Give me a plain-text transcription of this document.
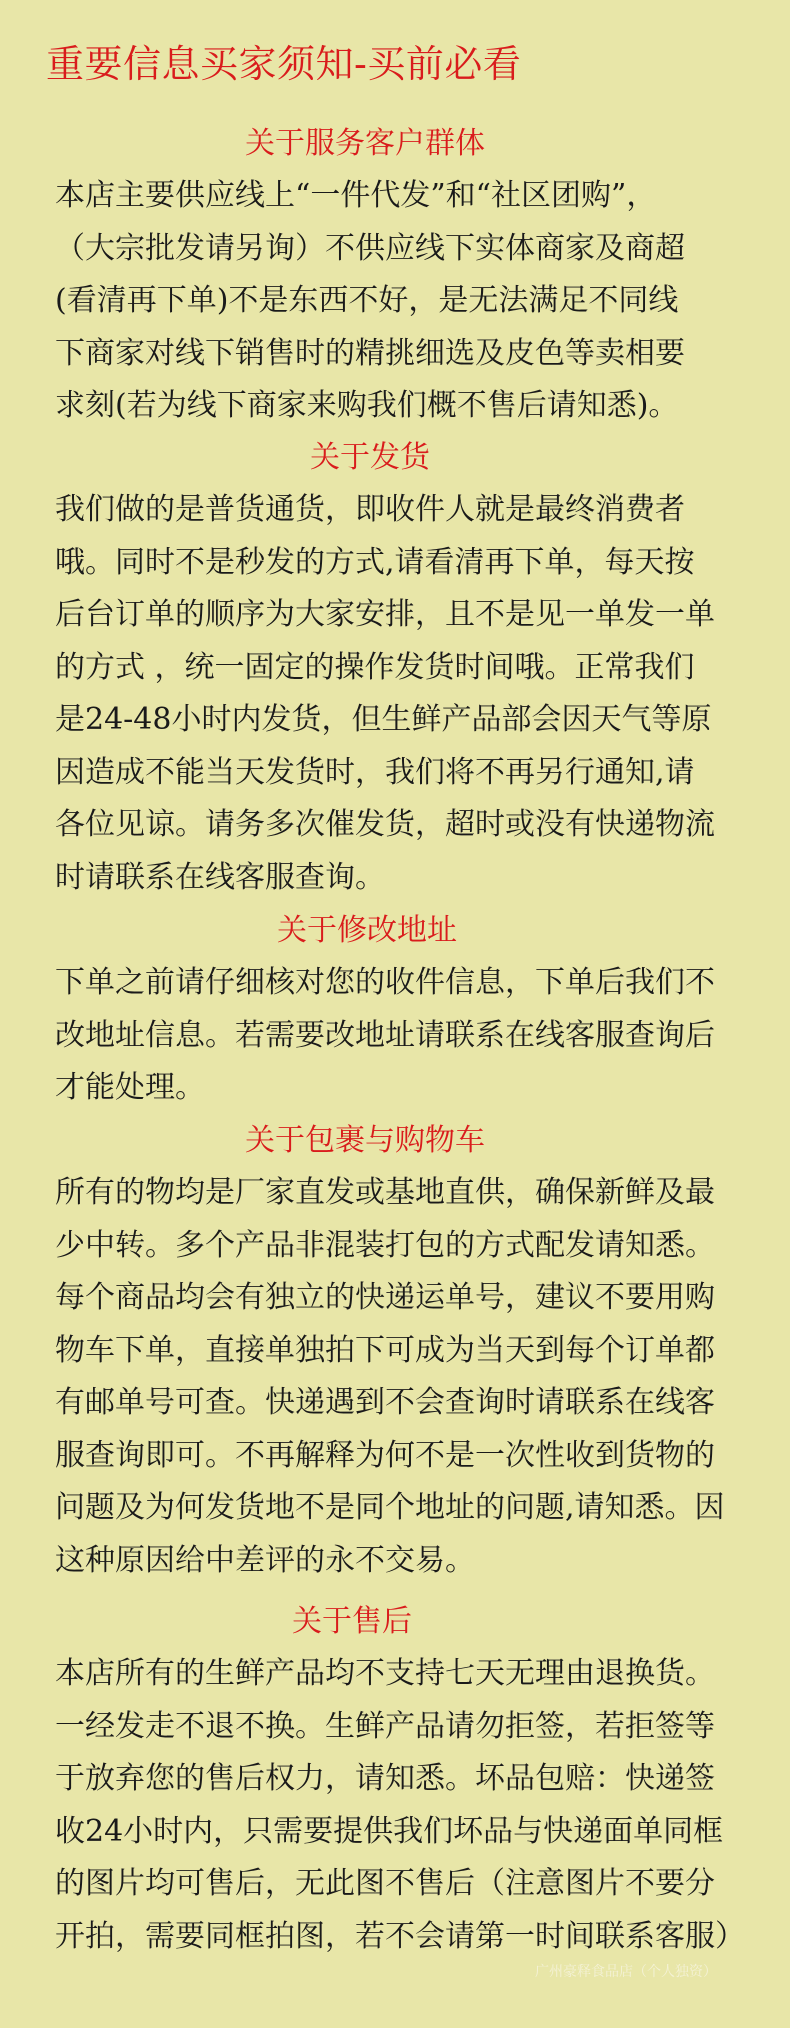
重要信息买家须知-买前必看
关于服务客户群体
本店主要供应线上“一件代发”和“社区团购”，
（大宗批发请另询）不供应线下实体商家及商超
(看清再下单)不是东西不好，是无法满足不同线
下商家对线下销售时的精挑细选及皮色等卖相要
求刻(若为线下商家来购我们概不售后请知悉)。
关于发货
我们做的是普货通货，即收件人就是最终消费者
哦。同时不是秒发的方式,请看清再下单，每天按
后台订单的顺序为大家安排，且不是见一单发一单
的方式 ，统一固定的操作发货时间哦。正常我们
是24-48小时内发货，但生鲜产品部会因天气等原
因造成不能当天发货时，我们将不再另行通知,请
各位见谅。请务多次催发货，超时或没有快递物流
时请联系在线客服查询。
关于修改地址
下单之前请仔细核对您的收件信息，下单后我们不
改地址信息。若需要改地址请联系在线客服查询后
才能处理。
关于包裹与购物车
所有的物均是厂家直发或基地直供，确保新鲜及最
少中转。多个产品非混装打包的方式配发请知悉。
每个商品均会有独立的快递运单号，建议不要用购
物车下单，直接单独拍下可成为当天到每个订单都
有邮单号可查。快递遇到不会查询时请联系在线客
服查询即可。不再解释为何不是一次性收到货物的
问题及为何发货地不是同个地址的问题,请知悉。因
这种原因给中差评的永不交易。
关于售后
本店所有的生鲜产品均不支持七天无理由退换货。
一经发走不退不换。生鲜产品请勿拒签，若拒签等
于放弃您的售后权力，请知悉。坏品包赔：快递签
收24小时内，只需要提供我们坏品与快递面单同框
的图片均可售后，无此图不售后（注意图片不要分
开拍，需要同框拍图，若不会请第一时间联系客服）
广州豪释食品店（个人独资）
